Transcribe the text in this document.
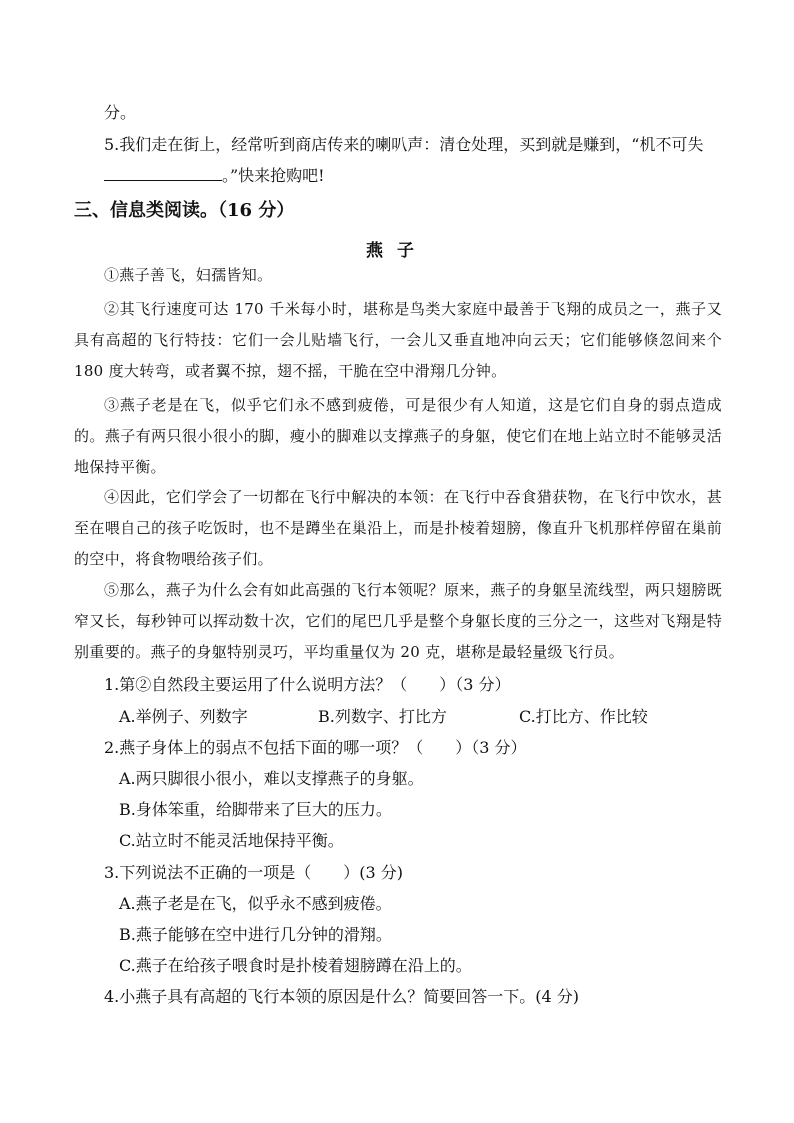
分。
5.我们走在街上，经常听到商店传来的喇叭声：清仓处理，买到就是赚到，“机不可失
。”快来抢购吧!
三、信息类阅读。（16 分）
燕子
①燕子善飞，妇孺皆知。
②其飞行速度可达 170 千米每小时，堪称是鸟类大家庭中最善于飞翔的成员之一，燕子又具有高超的飞行特技：它们一会儿贴墙飞行，一会儿又垂直地冲向云天；它们能够倏忽间来个 180 度大转弯，或者翼不掠，翅不摇，干脆在空中滑翔几分钟。
③燕子老是在飞，似乎它们永不感到疲倦，可是很少有人知道，这是它们自身的弱点造成的。燕子有两只很小很小的脚，瘦小的脚难以支撑燕子的身躯，使它们在地上站立时不能够灵活地保持平衡。
④因此，它们学会了一切都在飞行中解决的本领：在飞行中吞食猎获物，在飞行中饮水，甚至在喂自己的孩子吃饭时，也不是蹲坐在巢沿上，而是扑棱着翅膀，像直升飞机那样停留在巢前的空中，将食物喂给孩子们。
⑤那么，燕子为什么会有如此高强的飞行本领呢？原来，燕子的身躯呈流线型，两只翅膀既窄又长，每秒钟可以挥动数十次，它们的尾巴几乎是整个身躯长度的三分之一，这些对飞翔是特别重要的。燕子的身躯特别灵巧，平均重量仅为 20 克，堪称是最轻量级飞行员。
1.第②自然段主要运用了什么说明方法？（　　）（3 分）
A.举例子、列数字	B.列数字、打比方	C.打比方、作比较
2.燕子身体上的弱点不包括下面的哪一项？（　　）（3 分）
A.两只脚很小很小，难以支撑燕子的身躯。
B.身体笨重，给脚带来了巨大的压力。
C.站立时不能灵活地保持平衡。
3.下列说法不正确的一项是（　　）(3 分)
A.燕子老是在飞，似乎永不感到疲倦。
B.燕子能够在空中进行几分钟的滑翔。
C.燕子在给孩子喂食时是扑棱着翅膀蹲在沿上的。
4.小燕子具有高超的飞行本领的原因是什么？简要回答一下。(4 分)
